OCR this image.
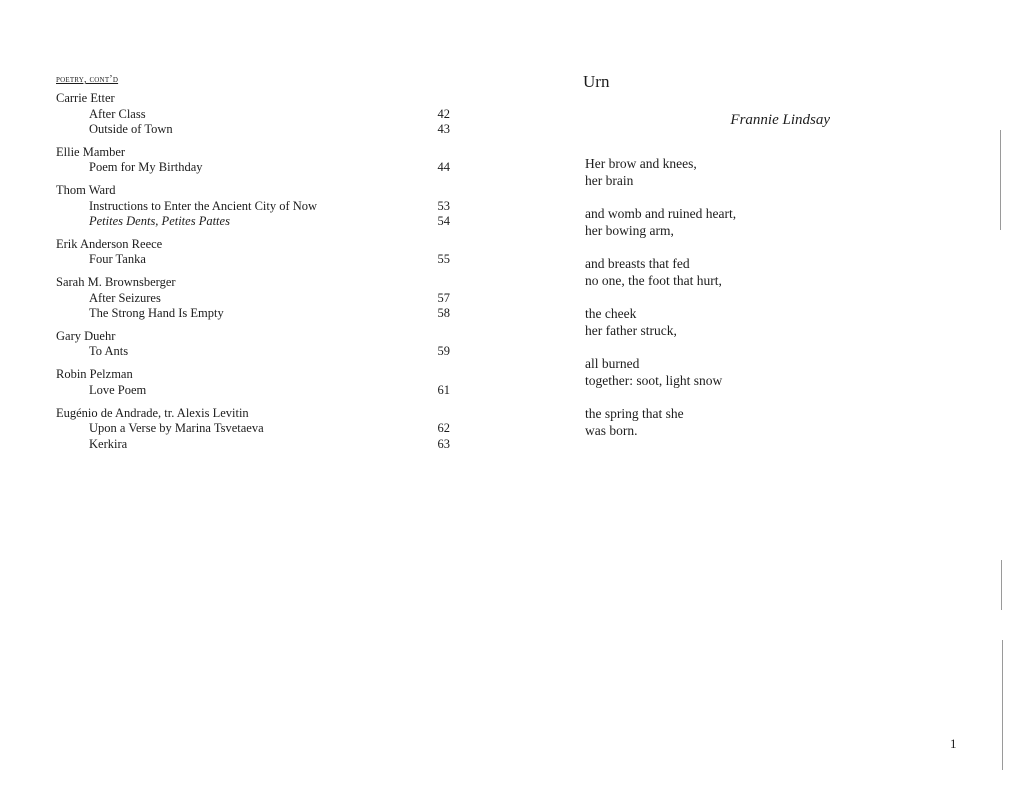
poetry, cont’d
Carrie Etter
After Class	42
Outside of Town	43
Ellie Mamber
Poem for My Birthday	44
Thom Ward
Instructions to Enter the Ancient City of Now	53
Petites Dents, Petites Pattes	54
Erik Anderson Reece
Four Tanka	55
Sarah M. Brownsberger
After Seizures	57
The Strong Hand Is Empty	58
Gary Duehr
To Ants	59
Robin Pelzman
Love Poem	61
Eugénio de Andrade, tr. Alexis Levitin
Upon a Verse by Marina Tsvetaeva	62
Kerkira	63
Urn
Frannie Lindsay
Her brow and knees,
her brain
and womb and ruined heart,
her bowing arm,
and breasts that fed
no one, the foot that hurt,
the cheek
her father struck,
all burned
together: soot, light snow
the spring that she
was born.
1
